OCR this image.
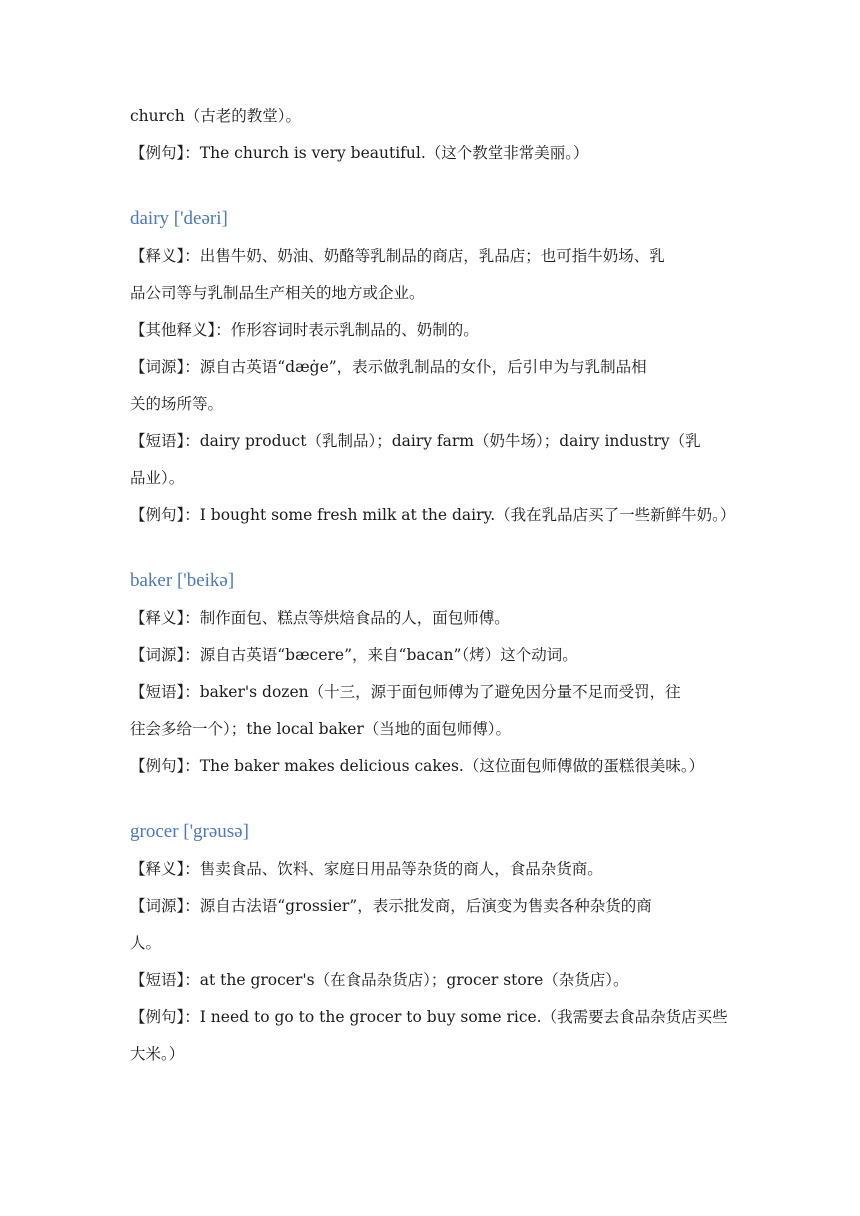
church（古老的教堂）。

【例句】：The church is very beautiful.（这个教堂非常美丽。）

dairy ['deəri]

【释义】：出售牛奶、奶油、奶酪等乳制品的商店，乳品店；也可指牛奶场、乳

品公司等与乳制品生产相关的地方或企业。

【其他释义】：作形容词时表示乳制品的、奶制的。

【词源】：源自古英语“dæġe”，表示做乳制品的女仆，后引申为与乳制品相

关的场所等。

【短语】：dairy product（乳制品）；dairy farm（奶牛场）；dairy industry（乳

品业）。

【例句】：I bought some fresh milk at the dairy.（我在乳品店买了一些新鲜牛奶。）

baker ['beikə]

【释义】：制作面包、糕点等烘焙食品的人，面包师傅。

【词源】：源自古英语“bæcere”，来自“bacan”（烤）这个动词。

【短语】：baker's dozen（十三，源于面包师傅为了避免因分量不足而受罚，往

往会多给一个）；the local baker（当地的面包师傅）。

【例句】：The baker makes delicious cakes.（这位面包师傅做的蛋糕很美味。）

grocer ['grəusə]

【释义】：售卖食品、饮料、家庭日用品等杂货的商人，食品杂货商。

【词源】：源自古法语“grossier”，表示批发商，后演变为售卖各种杂货的商

人。

【短语】：at the grocer's（在食品杂货店）；grocer store（杂货店）。

【例句】：I need to go to the grocer to buy some rice.（我需要去食品杂货店买些

大米。）
